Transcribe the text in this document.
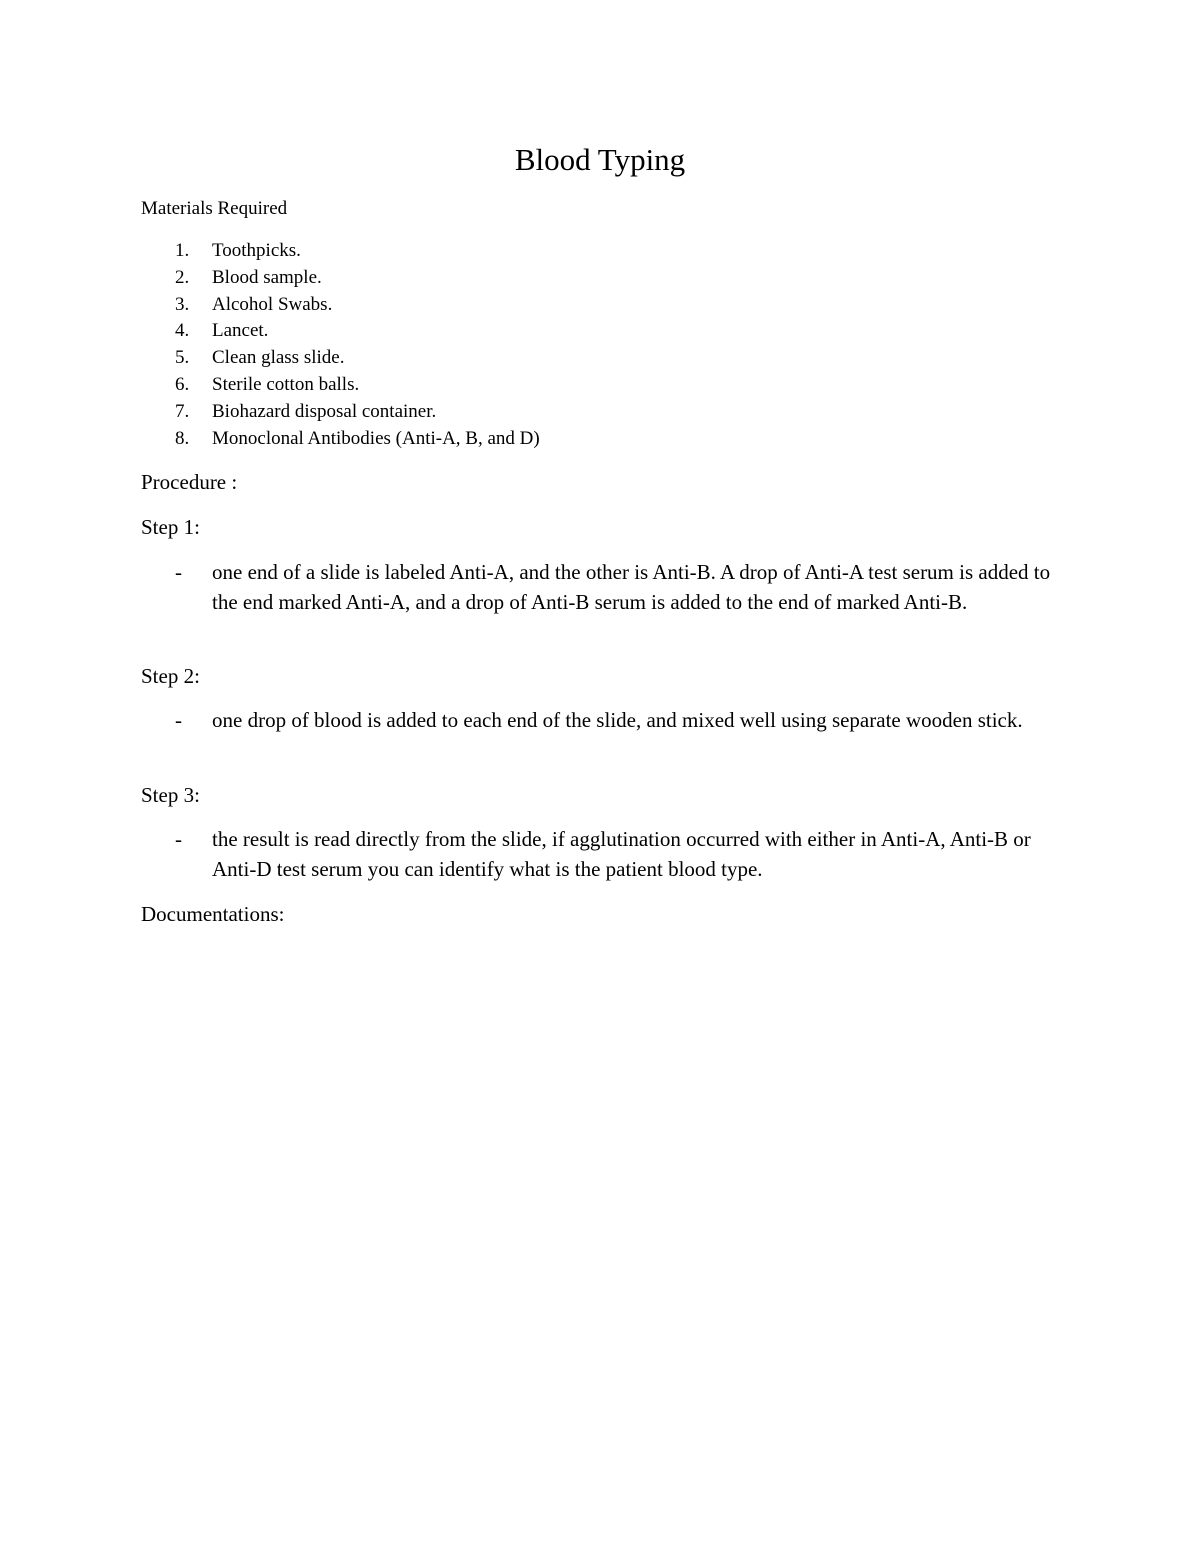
Blood Typing

Materials Required

1. Toothpicks.
2. Blood sample.
3. Alcohol Swabs.
4. Lancet.
5. Clean glass slide.
6. Sterile cotton balls.
7. Biohazard disposal container.
8. Monoclonal Antibodies (Anti-A, B, and D)

Procedure :

Step 1:

- one end of a slide is labeled Anti-A, and the other is Anti-B. A drop of Anti-A test serum is added to the end marked Anti-A, and a drop of Anti-B serum is added to the end of marked Anti-B.

Step 2:

- one drop of blood is added to each end of the slide, and mixed well using separate wooden stick.

Step 3:

- the result is read directly from the slide, if agglutination occurred with either in Anti-A, Anti-B or Anti-D test serum you can identify what is the patient blood type.

Documentations:
